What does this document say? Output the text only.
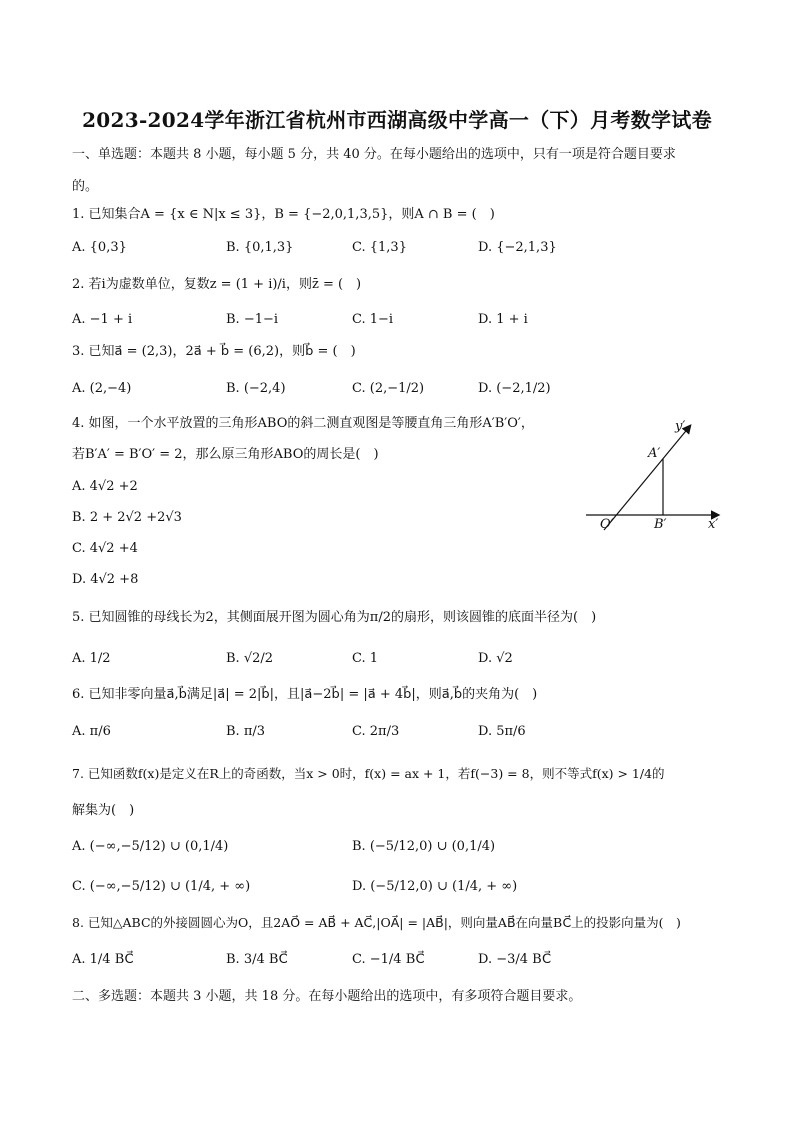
2023-2024学年浙江省杭州市西湖高级中学高一（下）月考数学试卷
一、单选题：本题共 8 小题，每小题 5 分，共 40 分。在每小题给出的选项中，只有一项是符合题目要求
的。
1. 已知集合A = {x ∈ N|x ≤ 3}，B = {−2,0,1,3,5}，则A ∩ B = (　)
A. {0,3}	B. {0,1,3}	C. {1,3}	D. {−2,1,3}
2. 若i为虚数单位，复数z = (1 + i)/i，则z̄ = (　)
A. −1 + i	B. −1−i	C. 1−i	D. 1 + i
3. 已知a⃗ = (2,3)，2a⃗ + b⃗ = (6,2)，则b⃗ = (　)
A. (2,−4)	B. (−2,4)	C. (2,−1/2)	D. (−2,1/2)
4. 如图，一个水平放置的三角形ABO的斜二测直观图是等腰直角三角形A′B′O′，
若B′A′ = B′O′ = 2，那么原三角形ABO的周长是(　)
A. 4√2 +2
B. 2 + 2√2 +2√3
C. 4√2 +4
D. 4√2 +8
y′
A′
O′	B′	x′
5. 已知圆锥的母线长为2，其侧面展开图为圆心角为π/2的扇形，则该圆锥的底面半径为(　)
A. 1/2	B. √2/2	C. 1	D. √2
6. 已知非零向量a⃗,b⃗满足|a⃗| = 2|b⃗|，且|a⃗−2b⃗| = |a⃗ + 4b⃗|，则a⃗,b⃗的夹角为(　)
A. π/6	B. π/3	C. 2π/3	D. 5π/6
7. 已知函数f(x)是定义在R上的奇函数，当x > 0时，f(x) = ax + 1，若f(−3) = 8，则不等式f(x) > 1/4的
解集为(　)
A. (−∞,−5/12) ∪ (0,1/4)	B. (−5/12,0) ∪ (0,1/4)
C. (−∞,−5/12) ∪ (1/4, + ∞)	D. (−5/12,0) ∪ (1/4, + ∞)
8. 已知△ABC的外接圆圆心为O，且2AO⃗ = AB⃗ + AC⃗,|OA⃗| = |AB⃗|，则向量AB⃗在向量BC⃗上的投影向量为(　)
A. 1/4 BC⃗	B. 3/4 BC⃗	C. −1/4 BC⃗	D. −3/4 BC⃗
二、多选题：本题共 3 小题，共 18 分。在每小题给出的选项中，有多项符合题目要求。
